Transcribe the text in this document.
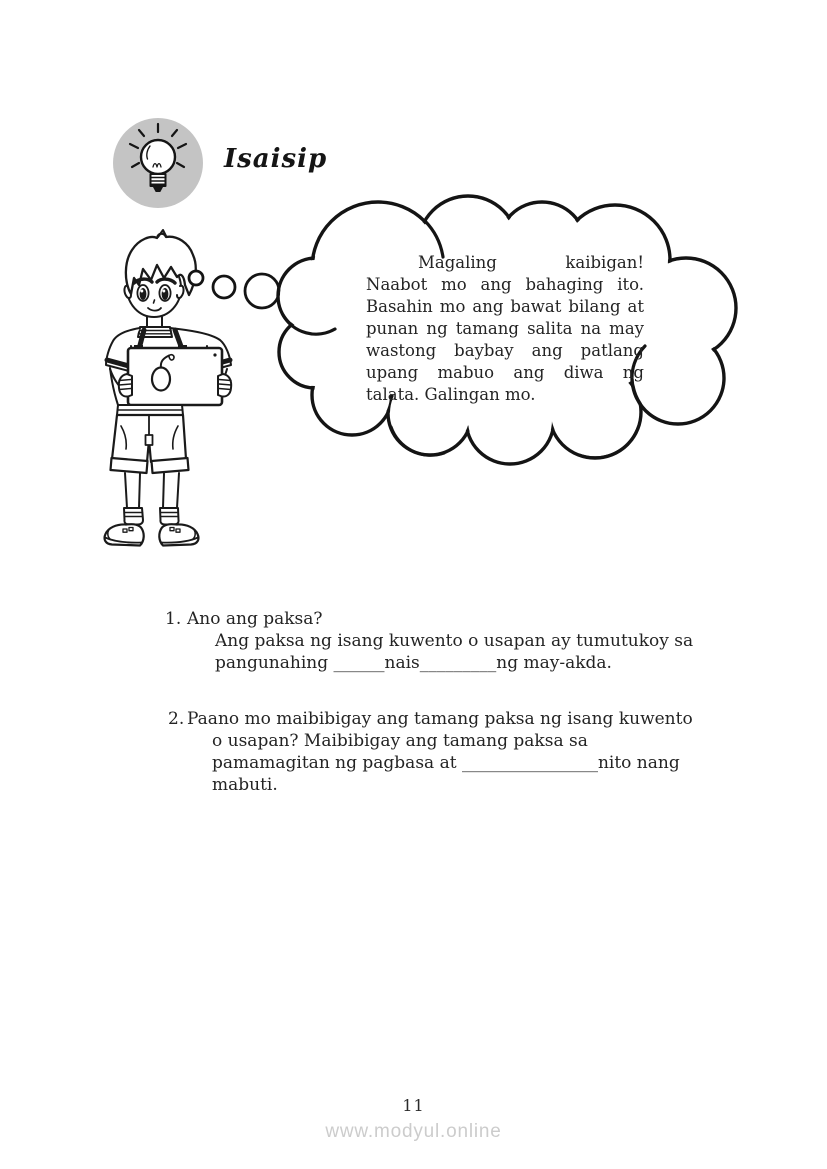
Isaisip
Magaling kaibigan! Naabot mo ang bahaging ito. Basahin mo ang bawat bilang at punan ng tamang salita na may wastong baybay ang patlang upang mabuo ang diwa ng talata. Galingan mo.
1. Ano ang paksa?
Ang paksa ng isang kuwento o usapan ay tumutukoy sa
pangunahing ______nais_________ng may-akda.
2. Paano mo maibibigay ang tamang paksa ng isang kuwento
o usapan? Maibibigay ang tamang paksa sa
pamamagitan ng pagbasa at ________________nito nang
mabuti.
11
www.modyul.online
